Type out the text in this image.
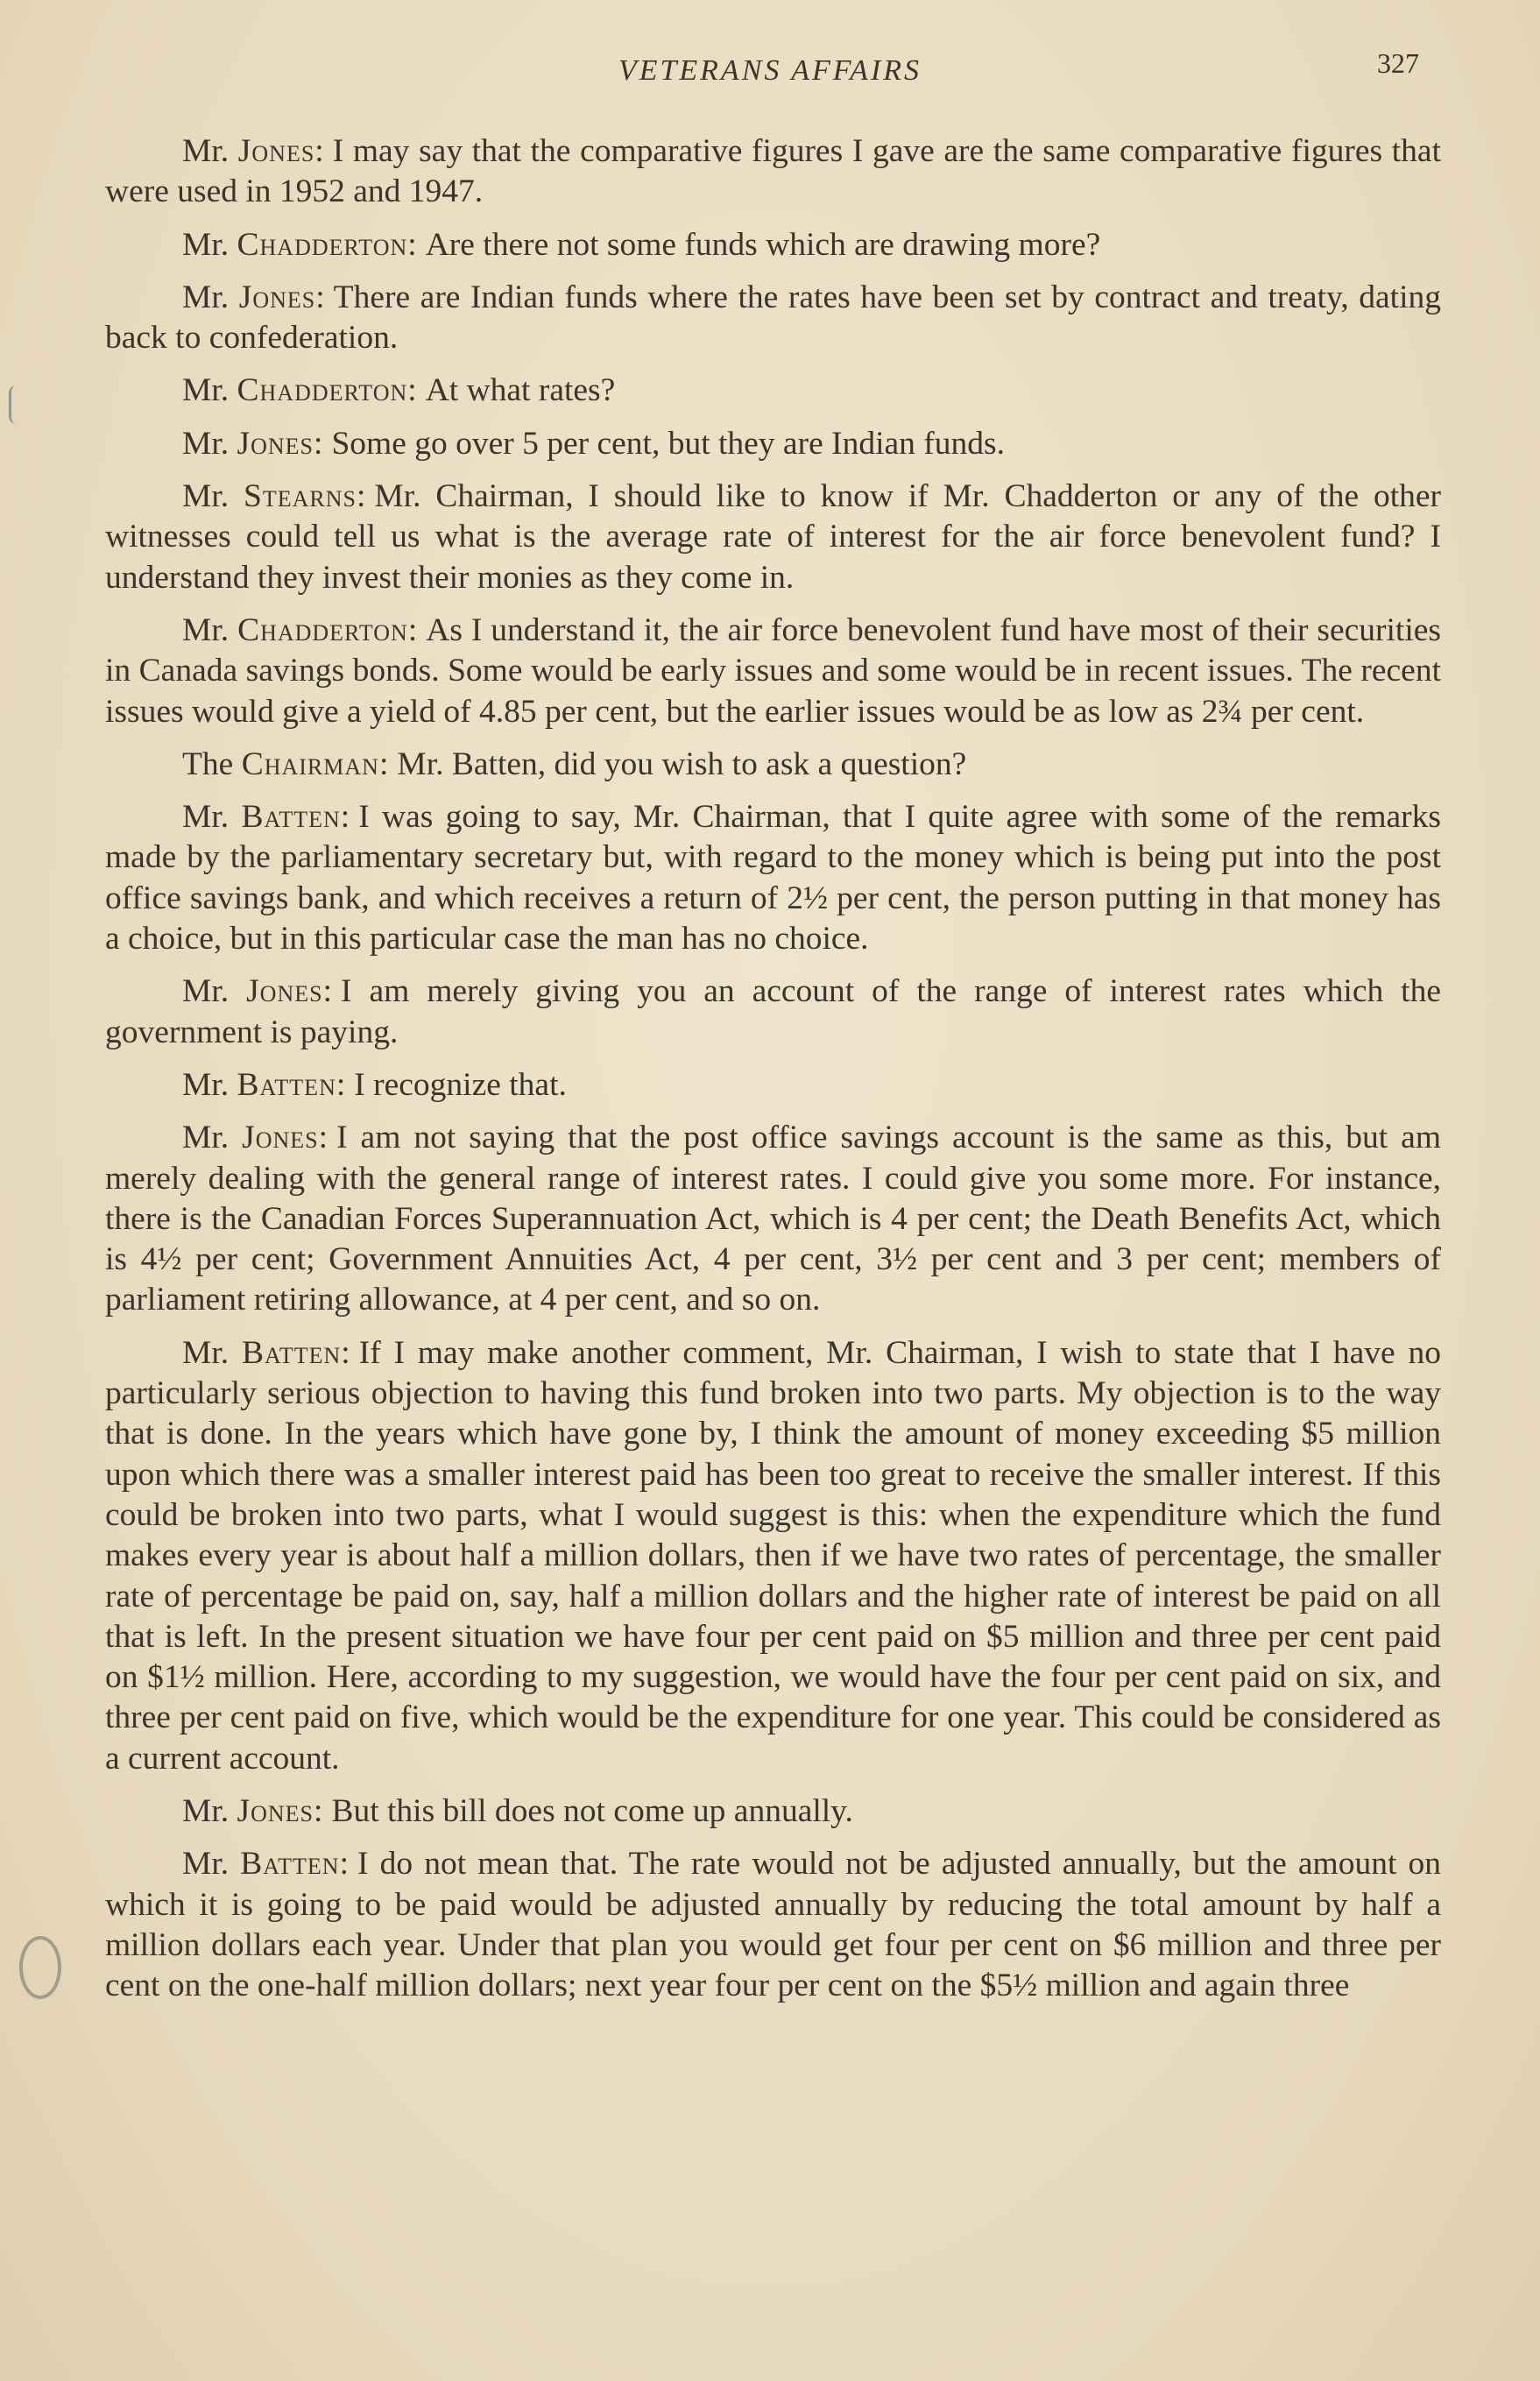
VETERANS AFFAIRS	327

Mr. Jones: I may say that the comparative figures I gave are the same comparative figures that were used in 1952 and 1947.

Mr. Chadderton: Are there not some funds which are drawing more?

Mr. Jones: There are Indian funds where the rates have been set by contract and treaty, dating back to confederation.

Mr. Chadderton: At what rates?

Mr. Jones: Some go over 5 per cent, but they are Indian funds.

Mr. Stearns: Mr. Chairman, I should like to know if Mr. Chadderton or any of the other witnesses could tell us what is the average rate of interest for the air force benevolent fund? I understand they invest their monies as they come in.

Mr. Chadderton: As I understand it, the air force benevolent fund have most of their securities in Canada savings bonds. Some would be early issues and some would be in recent issues. The recent issues would give a yield of 4.85 per cent, but the earlier issues would be as low as 2¾ per cent.

The Chairman: Mr. Batten, did you wish to ask a question?

Mr. Batten: I was going to say, Mr. Chairman, that I quite agree with some of the remarks made by the parliamentary secretary but, with regard to the money which is being put into the post office savings bank, and which receives a return of 2½ per cent, the person putting in that money has a choice, but in this particular case the man has no choice.

Mr. Jones: I am merely giving you an account of the range of interest rates which the government is paying.

Mr. Batten: I recognize that.

Mr. Jones: I am not saying that the post office savings account is the same as this, but am merely dealing with the general range of interest rates. I could give you some more. For instance, there is the Canadian Forces Superannuation Act, which is 4 per cent; the Death Benefits Act, which is 4½ per cent; Government Annuities Act, 4 per cent, 3½ per cent and 3 per cent; members of parliament retiring allowance, at 4 per cent, and so on.

Mr. Batten: If I may make another comment, Mr. Chairman, I wish to state that I have no particularly serious objection to having this fund broken into two parts. My objection is to the way that is done. In the years which have gone by, I think the amount of money exceeding $5 million upon which there was a smaller interest paid has been too great to receive the smaller interest. If this could be broken into two parts, what I would suggest is this: when the expenditure which the fund makes every year is about half a million dollars, then if we have two rates of percentage, the smaller rate of percentage be paid on, say, half a million dollars and the higher rate of interest be paid on all that is left. In the present situation we have four per cent paid on $5 million and three per cent paid on $1½ million. Here, according to my suggestion, we would have the four per cent paid on six, and three per cent paid on five, which would be the expenditure for one year. This could be considered as a current account.

Mr. Jones: But this bill does not come up annually.

Mr. Batten: I do not mean that. The rate would not be adjusted annually, but the amount on which it is going to be paid would be adjusted annually by reducing the total amount by half a million dollars each year. Under that plan you would get four per cent on $6 million and three per cent on the one-half million dollars; next year four per cent on the $5½ million and again three
